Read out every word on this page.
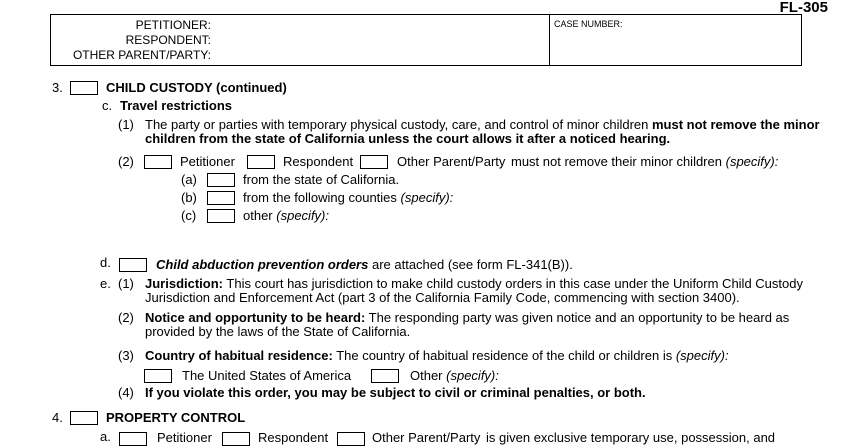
FL-305
PETITIONER:
RESPONDENT:
OTHER PARENT/PARTY:
CASE NUMBER:
3.	CHILD CUSTODY (continued)
c. Travel restrictions
(1) The party or parties with temporary physical custody, care, and control of minor children must not remove the minor
children from the state of California unless the court allows it after a noticed hearing.
(2)	Petitioner	Respondent	Other Parent/Party must not remove their minor children (specify):
(a)	from the state of California.
(b)	from the following counties (specify):
(c)	other (specify):
d.	Child abduction prevention orders are attached (see form FL-341(B)).
e. (1) Jurisdiction: This court has jurisdiction to make child custody orders in this case under the Uniform Child Custody
Jurisdiction and Enforcement Act (part 3 of the California Family Code, commencing with section 3400).
(2) Notice and opportunity to be heard: The responding party was given notice and an opportunity to be heard as
provided by the laws of the State of California.
(3) Country of habitual residence: The country of habitual residence of the child or children is (specify):
The United States of America	Other (specify):
(4) If you violate this order, you may be subject to civil or criminal penalties, or both.
4.	PROPERTY CONTROL
a.	Petitioner	Respondent	Other Parent/Party is given exclusive temporary use, possession, and
